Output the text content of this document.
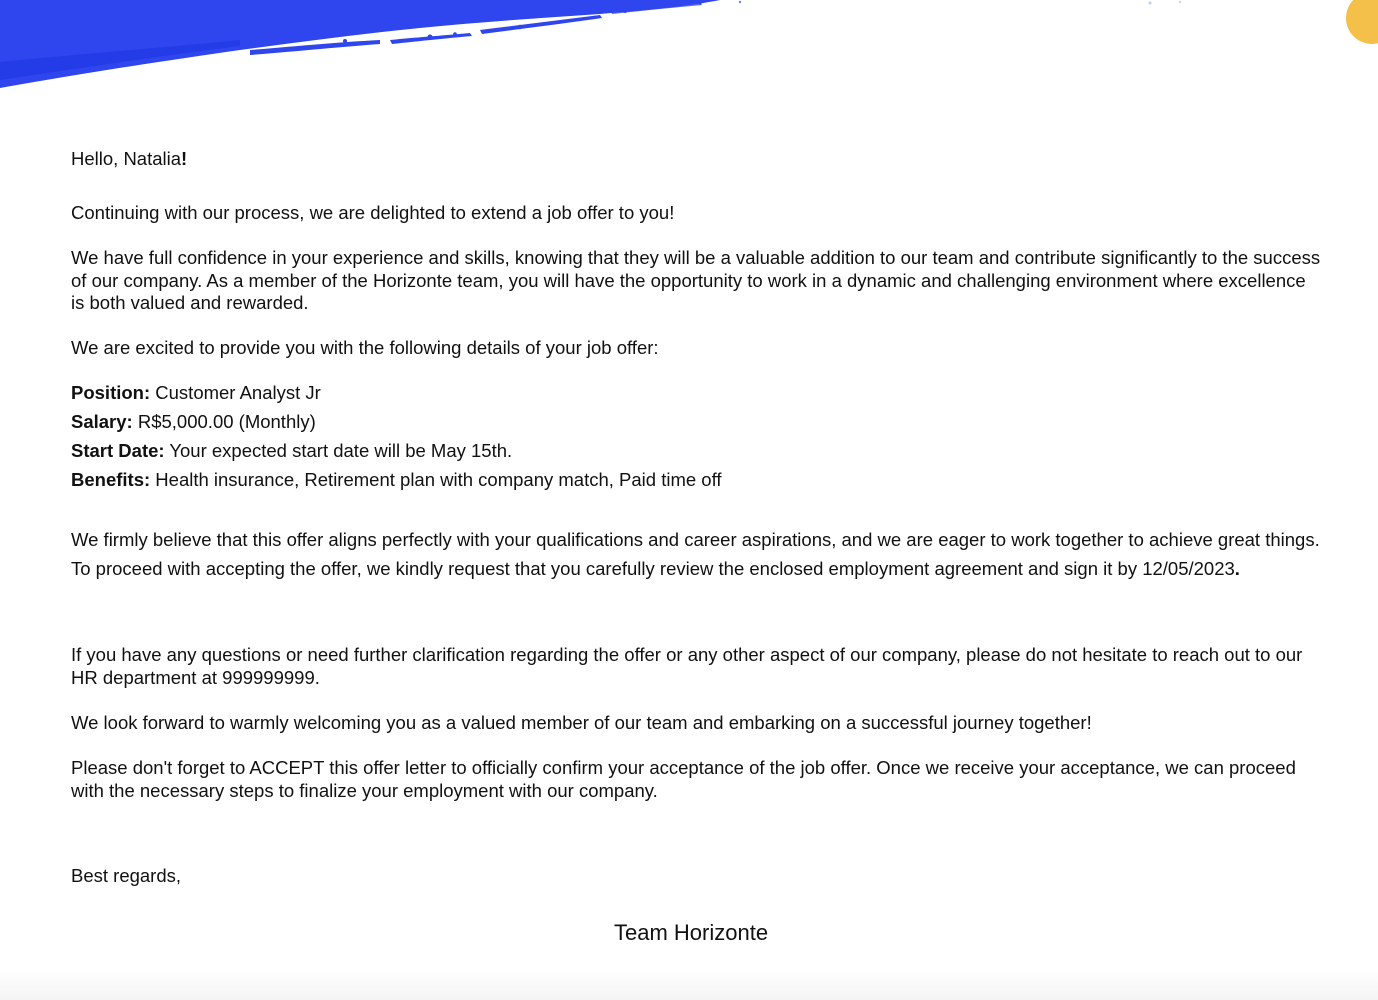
Hello, Natalia!

Continuing with our process, we are delighted to extend a job offer to you!

We have full confidence in your experience and skills, knowing that they will be a valuable addition to our team and contribute significantly to the success of our company. As a member of the Horizonte team, you will have the opportunity to work in a dynamic and challenging environment where excellence is both valued and rewarded.

We are excited to provide you with the following details of your job offer:

Position: Customer Analyst Jr
Salary: R$5,000.00 (Monthly)
Start Date: Your expected start date will be May 15th.
Benefits: Health insurance, Retirement plan with company match, Paid time off

We firmly believe that this offer aligns perfectly with your qualifications and career aspirations, and we are eager to work together to achieve great things. To proceed with accepting the offer, we kindly request that you carefully review the enclosed employment agreement and sign it by 12/05/2023.

If you have any questions or need further clarification regarding the offer or any other aspect of our company, please do not hesitate to reach out to our HR department at 999999999.

We look forward to warmly welcoming you as a valued member of our team and embarking on a successful journey together!

Please don't forget to ACCEPT this offer letter to officially confirm your acceptance of the job offer. Once we receive your acceptance, we can proceed with the necessary steps to finalize your employment with our company.

Best regards,

Team Horizonte
